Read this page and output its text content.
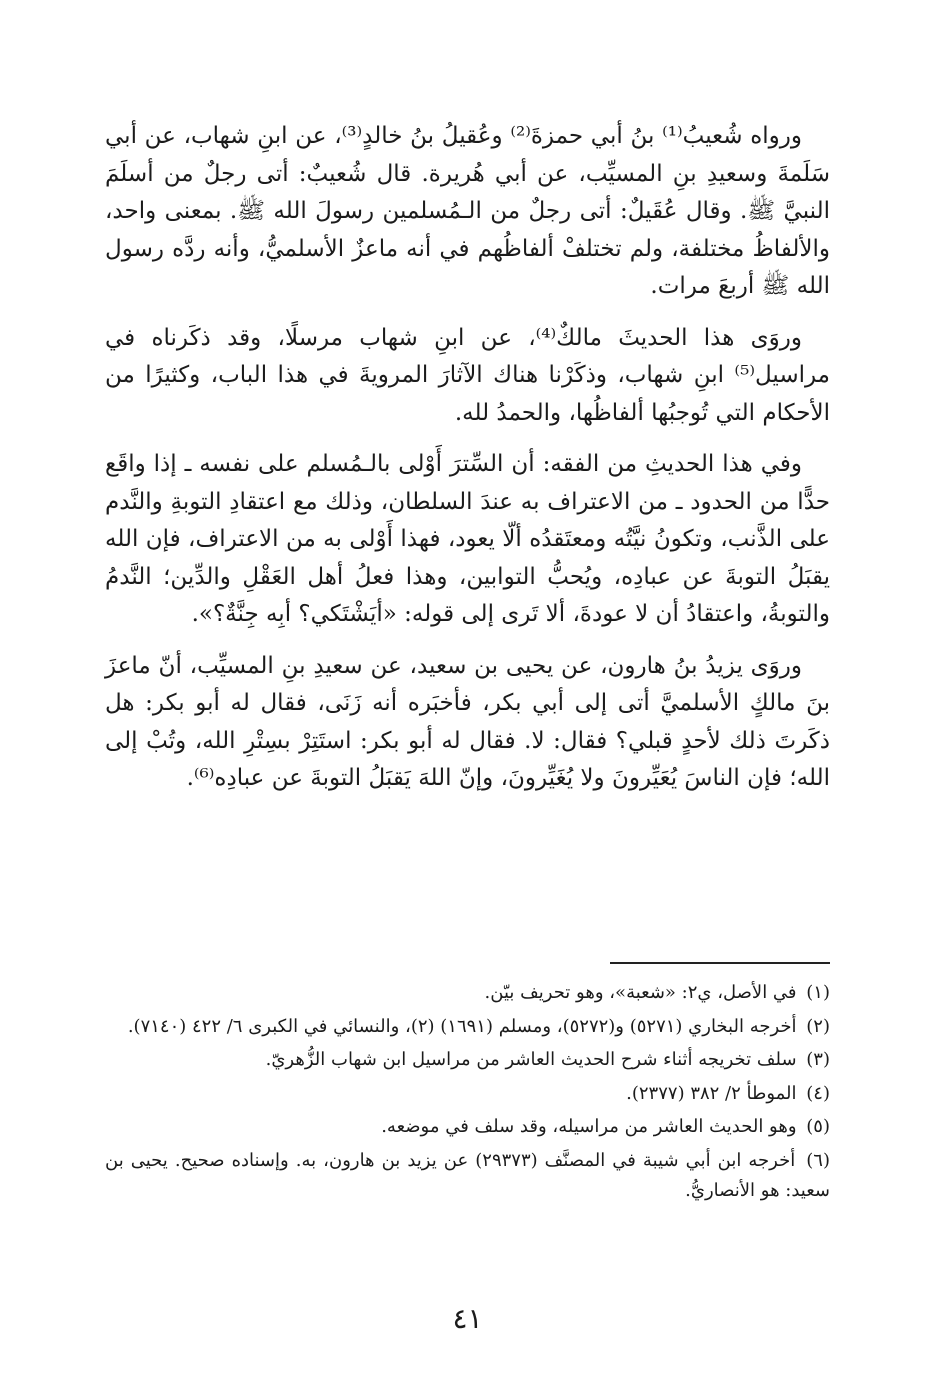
ورواه شُعيبُ⁽¹⁾ بنُ أبي حمزةَ⁽²⁾ وعُقيلُ بنُ خالدٍ⁽³⁾، عن ابنِ شهاب، عن أبي سَلَمةَ وسعيدِ بنِ المسيِّب، عن أبي هُريرة. قال شُعيبٌ: أتى رجلٌ من أسلَمَ النبيَّ ﷺ. وقال عُقَيلٌ: أتى رجلٌ من الـمُسلمين رسولَ الله ﷺ. بمعنى واحد، والألفاظُ مختلفة، ولم تختلفْ ألفاظُهم في أنه ماعزٌ الأسلميُّ، وأنه ردَّه رسول الله ﷺ أربعَ مرات.

وروَى هذا الحديثَ مالكٌ⁽⁴⁾، عن ابنِ شهاب مرسلًا، وقد ذكَرناه في مراسيل⁽⁵⁾ ابنِ شهاب، وذكَرْنا هناك الآثارَ المرويةَ في هذا الباب، وكثيرًا من الأحكام التي تُوجبُها ألفاظُها، والحمدُ لله.

وفي هذا الحديثِ من الفقه: أن السِّترَ أَوْلى بالـمُسلم على نفسه ـ إذا واقَع حدًّا من الحدود ـ من الاعتراف به عندَ السلطان، وذلك مع اعتقادِ التوبةِ والنَّدم على الذَّنب، وتكونُ نيَّتُه ومعتَقدُه ألّا يعود، فهذا أَوْلى به من الاعتراف، فإن الله يقبَلُ التوبةَ عن عبادِه، ويُحبُّ التوابين، وهذا فعلُ أهل العَقْلِ والدِّين؛ النَّدمُ والتوبةُ، واعتقادُ أن لا عودةَ، ألا تَرى إلى قوله: «أيَشْتَكي؟ أبِه جِنَّةٌ؟».

وروَى يزيدُ بنُ هارون، عن يحيى بن سعيد، عن سعيدِ بنِ المسيِّب، أنّ ماعزَ بنَ مالكٍ الأسلميَّ أتى إلى أبي بكر، فأخبَره أنه زَنَى، فقال له أبو بكر: هل ذكَرتَ ذلك لأحدٍ قبلي؟ فقال: لا. فقال له أبو بكر: استَتِرْ بسِتْرِ الله، وتُبْ إلى الله؛ فإن الناسَ يُعَيِّرونَ ولا يُغَيِّرونَ، وإنّ اللهَ يَقبَلُ التوبةَ عن عبادِه⁽⁶⁾.

(١) في الأصل، ي٢: «شعبة»، وهو تحريف بيّن.
(٢) أخرجه البخاري (٥٢٧١) و(٥٢٧٢)، ومسلم (١٦٩١) (٢)، والنسائي في الكبرى ٦/ ٤٢٢ (٧١٤٠).
(٣) سلف تخريجه أثناء شرح الحديث العاشر من مراسيل ابن شهاب الزُّهريّ.
(٤) الموطأ ٢/ ٣٨٢ (٢٣٧٧).
(٥) وهو الحديث العاشر من مراسيله، وقد سلف في موضعه.
(٦) أخرجه ابن أبي شيبة في المصنَّف (٢٩٣٧٣) عن يزيد بن هارون، به. وإسناده صحيح. يحيى بن سعيد: هو الأنصاريُّ.
٤١
